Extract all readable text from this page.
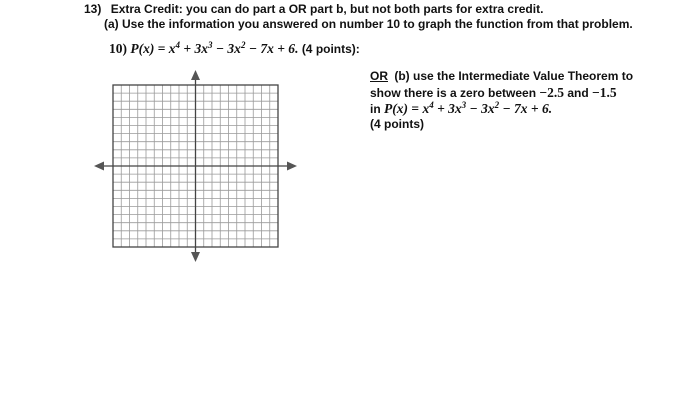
13) Extra Credit: you can do part a OR part b, but not both parts for extra credit.
(a) Use the information you answered on number 10 to graph the function from that problem.
10) $P(x) = x^4 + 3x^3 - 3x^2 - 7x + 6$. (4 points):
OR (b) use the Intermediate Value Theorem to
show there is a zero between −2.5 and −1.5
in $P(x) = x^4 + 3x^3 - 3x^2 - 7x + 6$.
(4 points)
